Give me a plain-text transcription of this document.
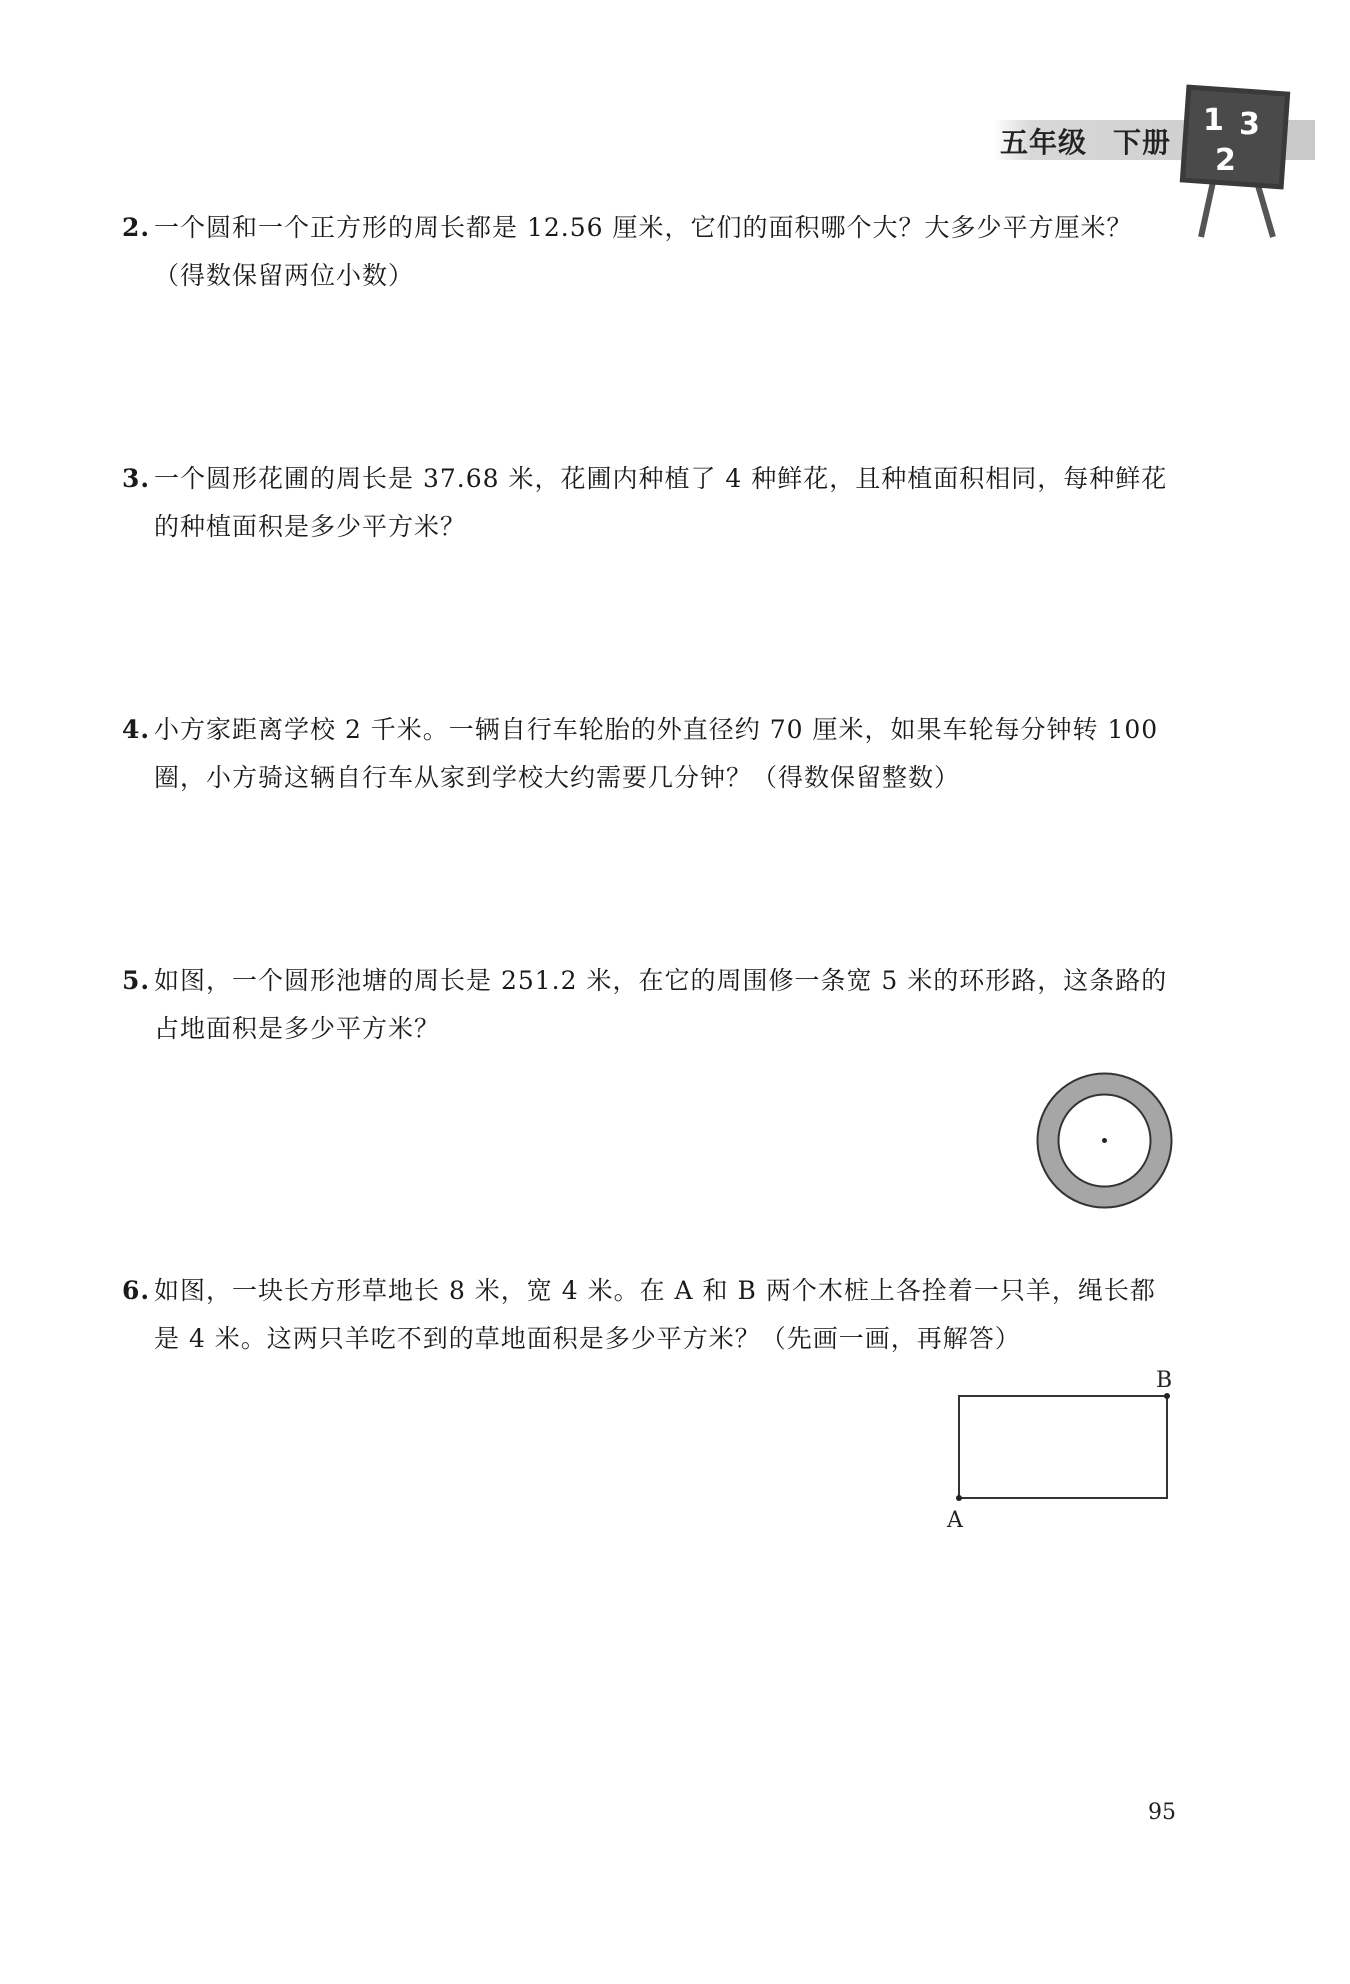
五年级 下册
1 3
2
2. 一个圆和一个正方形的周长都是 12.56 厘米，它们的面积哪个大？大多少平方厘米？
（得数保留两位小数）
3. 一个圆形花圃的周长是 37.68 米，花圃内种植了 4 种鲜花，且种植面积相同，每种鲜花
的种植面积是多少平方米？
4. 小方家距离学校 2 千米。一辆自行车轮胎的外直径约 70 厘米，如果车轮每分钟转 100
圈，小方骑这辆自行车从家到学校大约需要几分钟？（得数保留整数）
5. 如图，一个圆形池塘的周长是 251.2 米，在它的周围修一条宽 5 米的环形路，这条路的
占地面积是多少平方米？
6. 如图，一块长方形草地长 8 米，宽 4 米。在 A 和 B 两个木桩上各拴着一只羊，绳长都
是 4 米。这两只羊吃不到的草地面积是多少平方米？（先画一画，再解答）
A
B
95
